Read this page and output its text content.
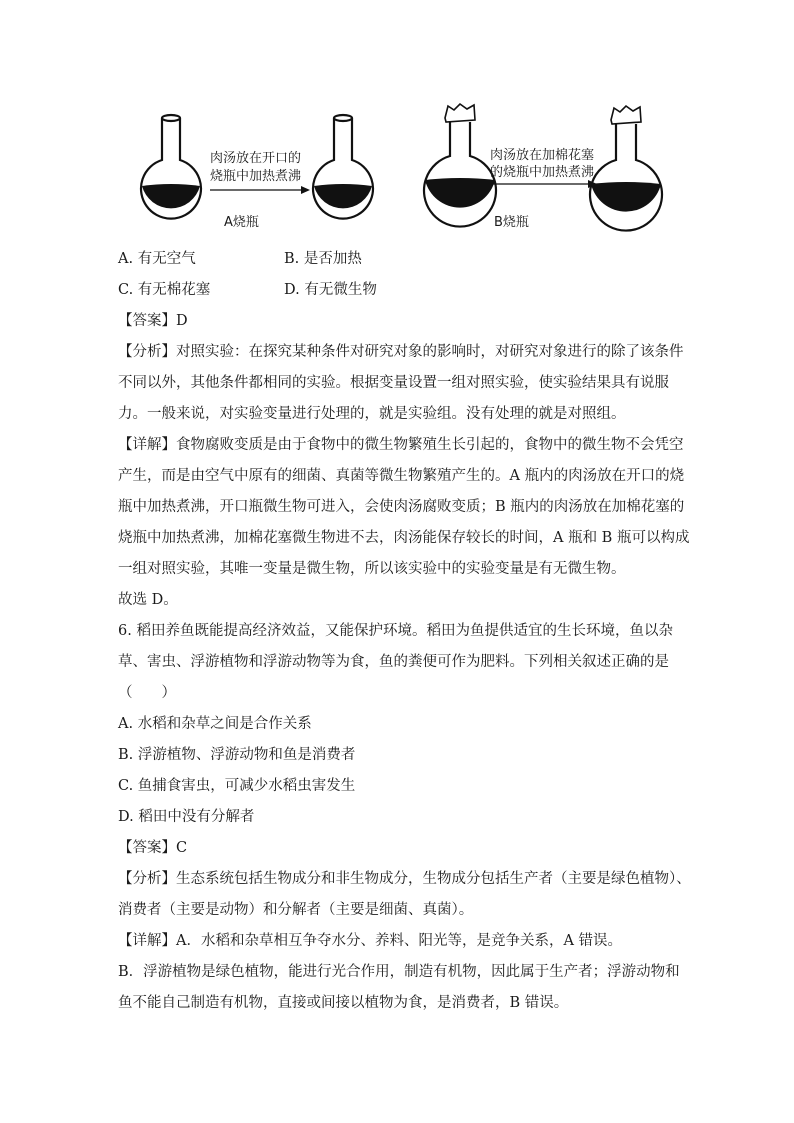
肉汤放在开口的
烧瓶中加热煮沸
A烧瓶
肉汤放在加棉花塞
的烧瓶中加热煮沸
B烧瓶
A. 有无空气	B. 是否加热
C. 有无棉花塞	D. 有无微生物
【答案】D
【分析】对照实验：在探究某种条件对研究对象的影响时，对研究对象进行的除了该条件
不同以外，其他条件都相同的实验。根据变量设置一组对照实验，使实验结果具有说服
力。一般来说，对实验变量进行处理的，就是实验组。没有处理的就是对照组。
【详解】食物腐败变质是由于食物中的微生物繁殖生长引起的，食物中的微生物不会凭空
产生，而是由空气中原有的细菌、真菌等微生物繁殖产生的。A 瓶内的肉汤放在开口的烧
瓶中加热煮沸，开口瓶微生物可进入，会使肉汤腐败变质；B 瓶内的肉汤放在加棉花塞的
烧瓶中加热煮沸，加棉花塞微生物进不去，肉汤能保存较长的时间，A 瓶和 B 瓶可以构成
一组对照实验，其唯一变量是微生物，所以该实验中的实验变量是有无微生物。
故选 D。
6. 稻田养鱼既能提高经济效益，又能保护环境。稻田为鱼提供适宜的生长环境，鱼以杂
草、害虫、浮游植物和浮游动物等为食，鱼的粪便可作为肥料。下列相关叙述正确的是
（　　）
A. 水稻和杂草之间是合作关系
B. 浮游植物、浮游动物和鱼是消费者
C. 鱼捕食害虫，可减少水稻虫害发生
D. 稻田中没有分解者
【答案】C
【分析】生态系统包括生物成分和非生物成分，生物成分包括生产者（主要是绿色植物）、
消费者（主要是动物）和分解者（主要是细菌、真菌）。
【详解】A．水稻和杂草相互争夺水分、养料、阳光等，是竞争关系，A 错误。
B．浮游植物是绿色植物，能进行光合作用，制造有机物，因此属于生产者；浮游动物和
鱼不能自己制造有机物，直接或间接以植物为食，是消费者，B 错误。
